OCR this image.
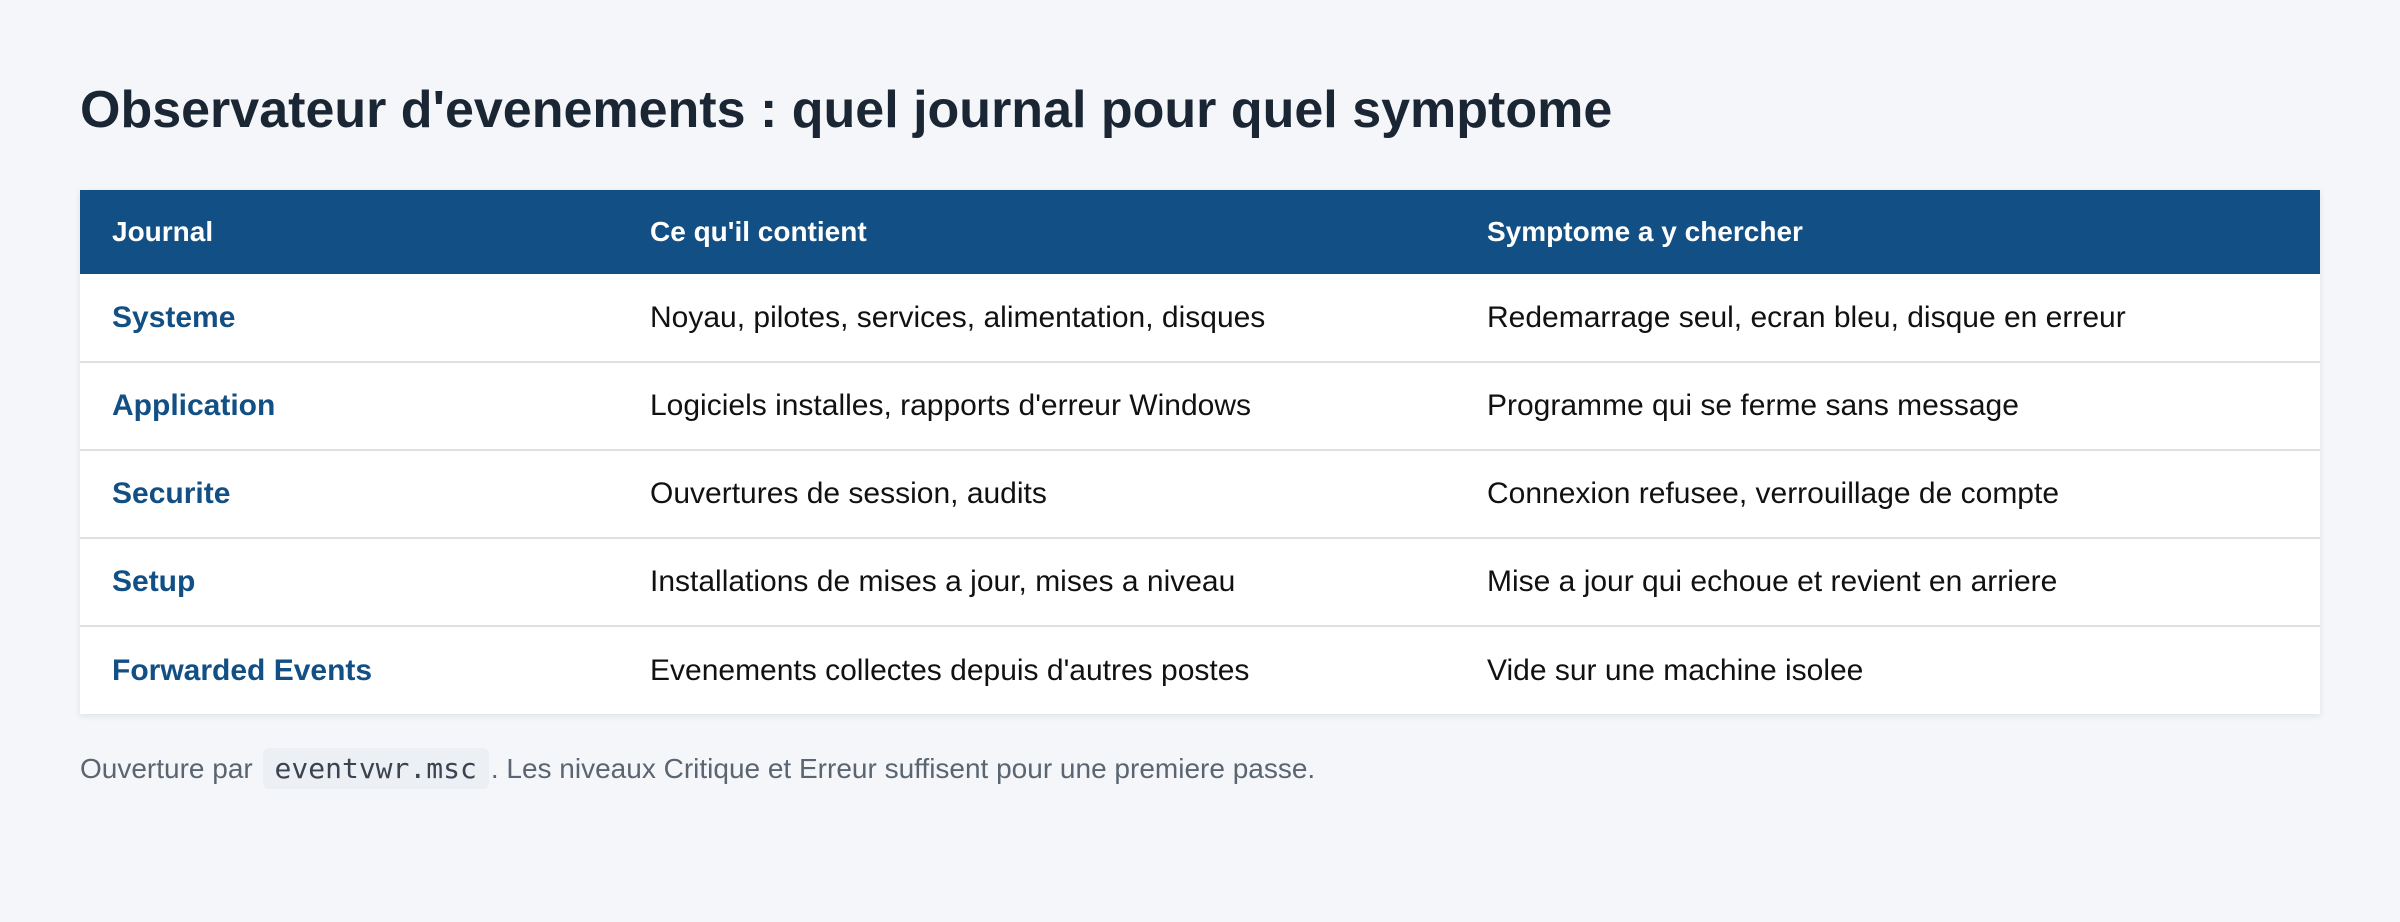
Observateur d'evenements : quel journal pour quel symptome
Journal	Ce qu'il contient	Symptome a y chercher
Systeme	Noyau, pilotes, services, alimentation, disques	Redemarrage seul, ecran bleu, disque en erreur
Application	Logiciels installes, rapports d'erreur Windows	Programme qui se ferme sans message
Securite	Ouvertures de session, audits	Connexion refusee, verrouillage de compte
Setup	Installations de mises a jour, mises a niveau	Mise a jour qui echoue et revient en arriere
Forwarded Events	Evenements collectes depuis d'autres postes	Vide sur une machine isolee
Ouverture par eventvwr.msc . Les niveaux Critique et Erreur suffisent pour une premiere passe.
